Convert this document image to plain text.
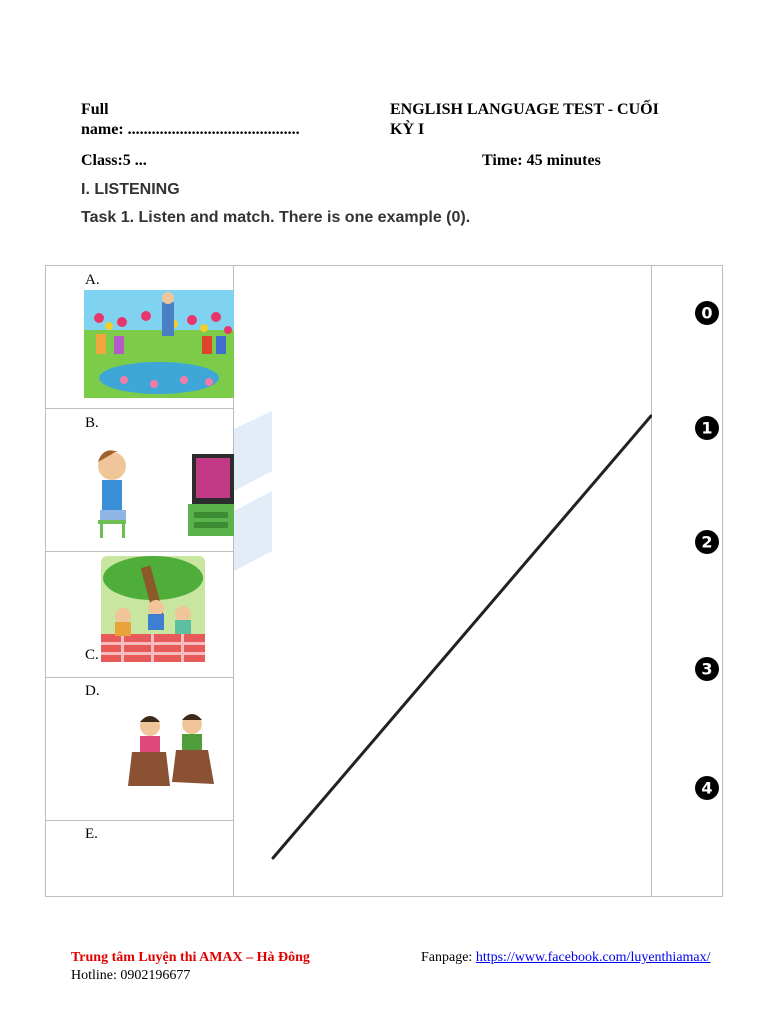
Full
name: ...........................................
ENGLISH LANGUAGE TEST - CUỐI
KỲ I
Class:5 ...	Time: 45 minutes
I. LISTENING
Task 1. Listen and match. There is one example (0).
A.
B.
C.
D.
E.
0
1
2
3
4
Trung tâm Luyện thi AMAX – Hà Đông
Hotline: 0902196677
Fanpage: https://www.facebook.com/luyenthiamax/
